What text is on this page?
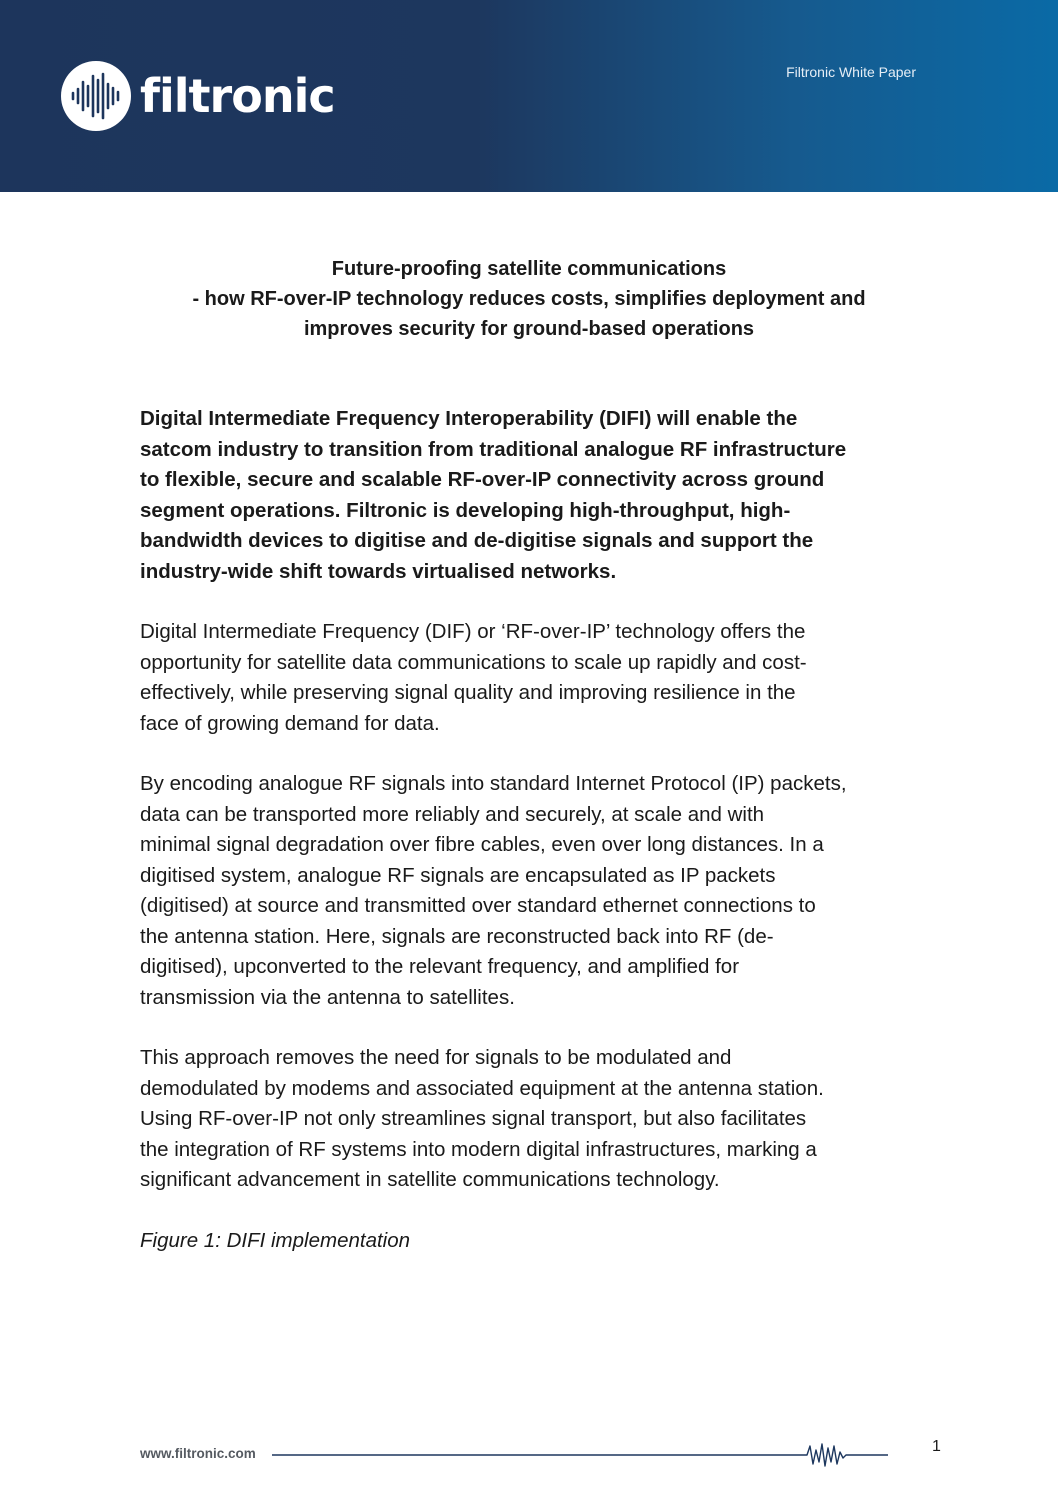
filtronic	Filtronic White Paper
Future-proofing satellite communications
- how RF-over-IP technology reduces costs, simplifies deployment and
improves security for ground-based operations

Digital Intermediate Frequency Interoperability (DIFI) will enable the
satcom industry to transition from traditional analogue RF infrastructure
to flexible, secure and scalable RF-over-IP connectivity across ground
segment operations. Filtronic is developing high-throughput, high-
bandwidth devices to digitise and de-digitise signals and support the
industry-wide shift towards virtualised networks.

Digital Intermediate Frequency (DIF) or ‘RF-over-IP’ technology offers the
opportunity for satellite data communications to scale up rapidly and cost-
effectively, while preserving signal quality and improving resilience in the
face of growing demand for data.

By encoding analogue RF signals into standard Internet Protocol (IP) packets,
data can be transported more reliably and securely, at scale and with
minimal signal degradation over fibre cables, even over long distances. In a
digitised system, analogue RF signals are encapsulated as IP packets
(digitised) at source and transmitted over standard ethernet connections to
the antenna station. Here, signals are reconstructed back into RF (de-
digitised), upconverted to the relevant frequency, and amplified for
transmission via the antenna to satellites.

This approach removes the need for signals to be modulated and
demodulated by modems and associated equipment at the antenna station.
Using RF-over-IP not only streamlines signal transport, but also facilitates
the integration of RF systems into modern digital infrastructures, marking a
significant advancement in satellite communications technology.

Figure 1: DIFI implementation

www.filtronic.com	1
